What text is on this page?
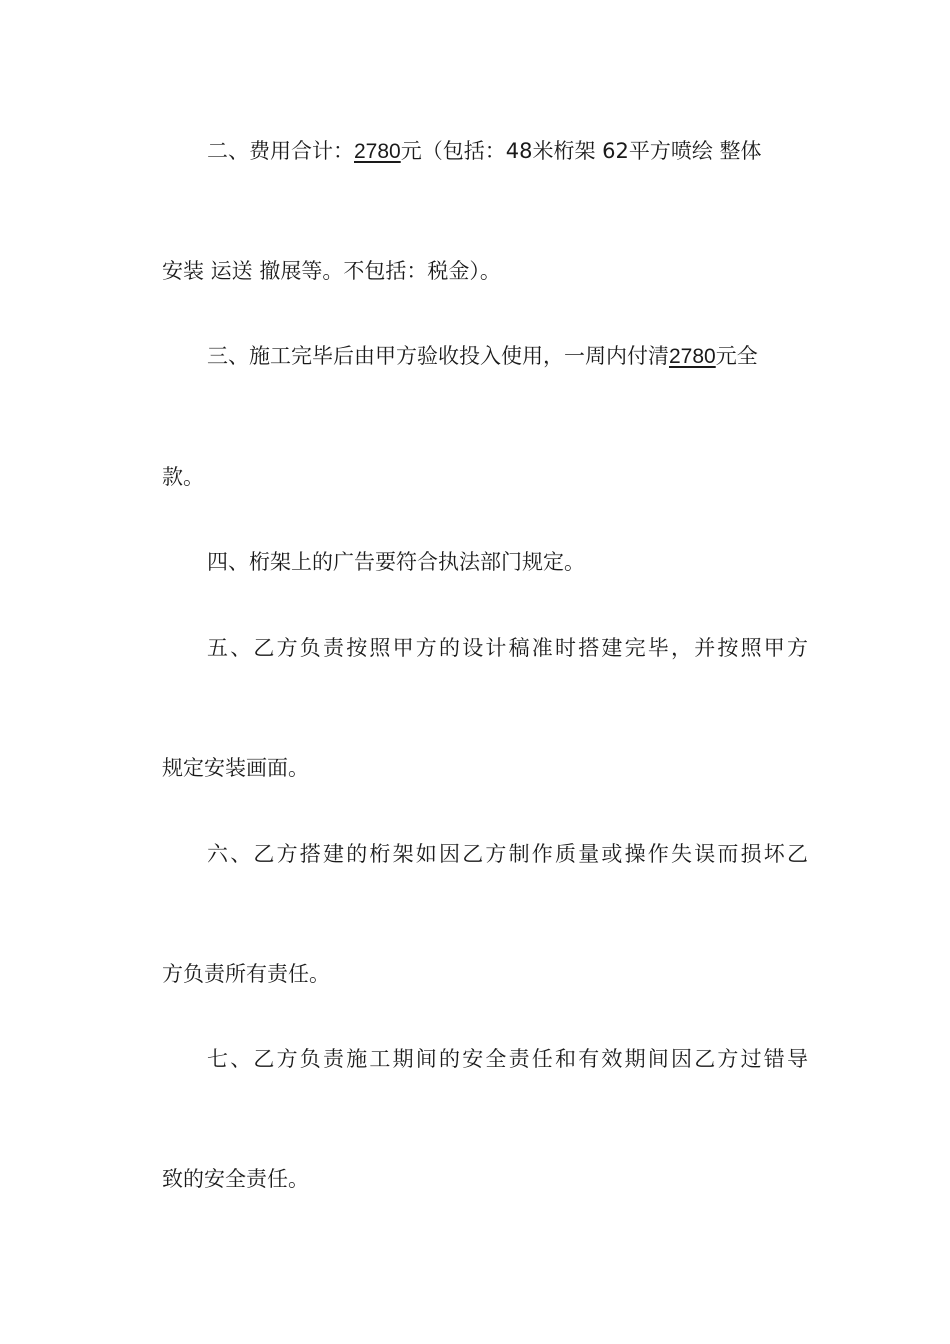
二、费用合计：2780元（包括：48米桁架 62平方喷绘 整体
安装 运送 撤展等。不包括：税金）。
三、施工完毕后由甲方验收投入使用，一周内付清2780元全
款。
四、桁架上的广告要符合执法部门规定。
五、乙方负责按照甲方的设计稿准时搭建完毕，并按照甲方
规定安装画面。
六、乙方搭建的桁架如因乙方制作质量或操作失误而损坏乙
方负责所有责任。
七、乙方负责施工期间的安全责任和有效期间因乙方过错导
致的安全责任。
